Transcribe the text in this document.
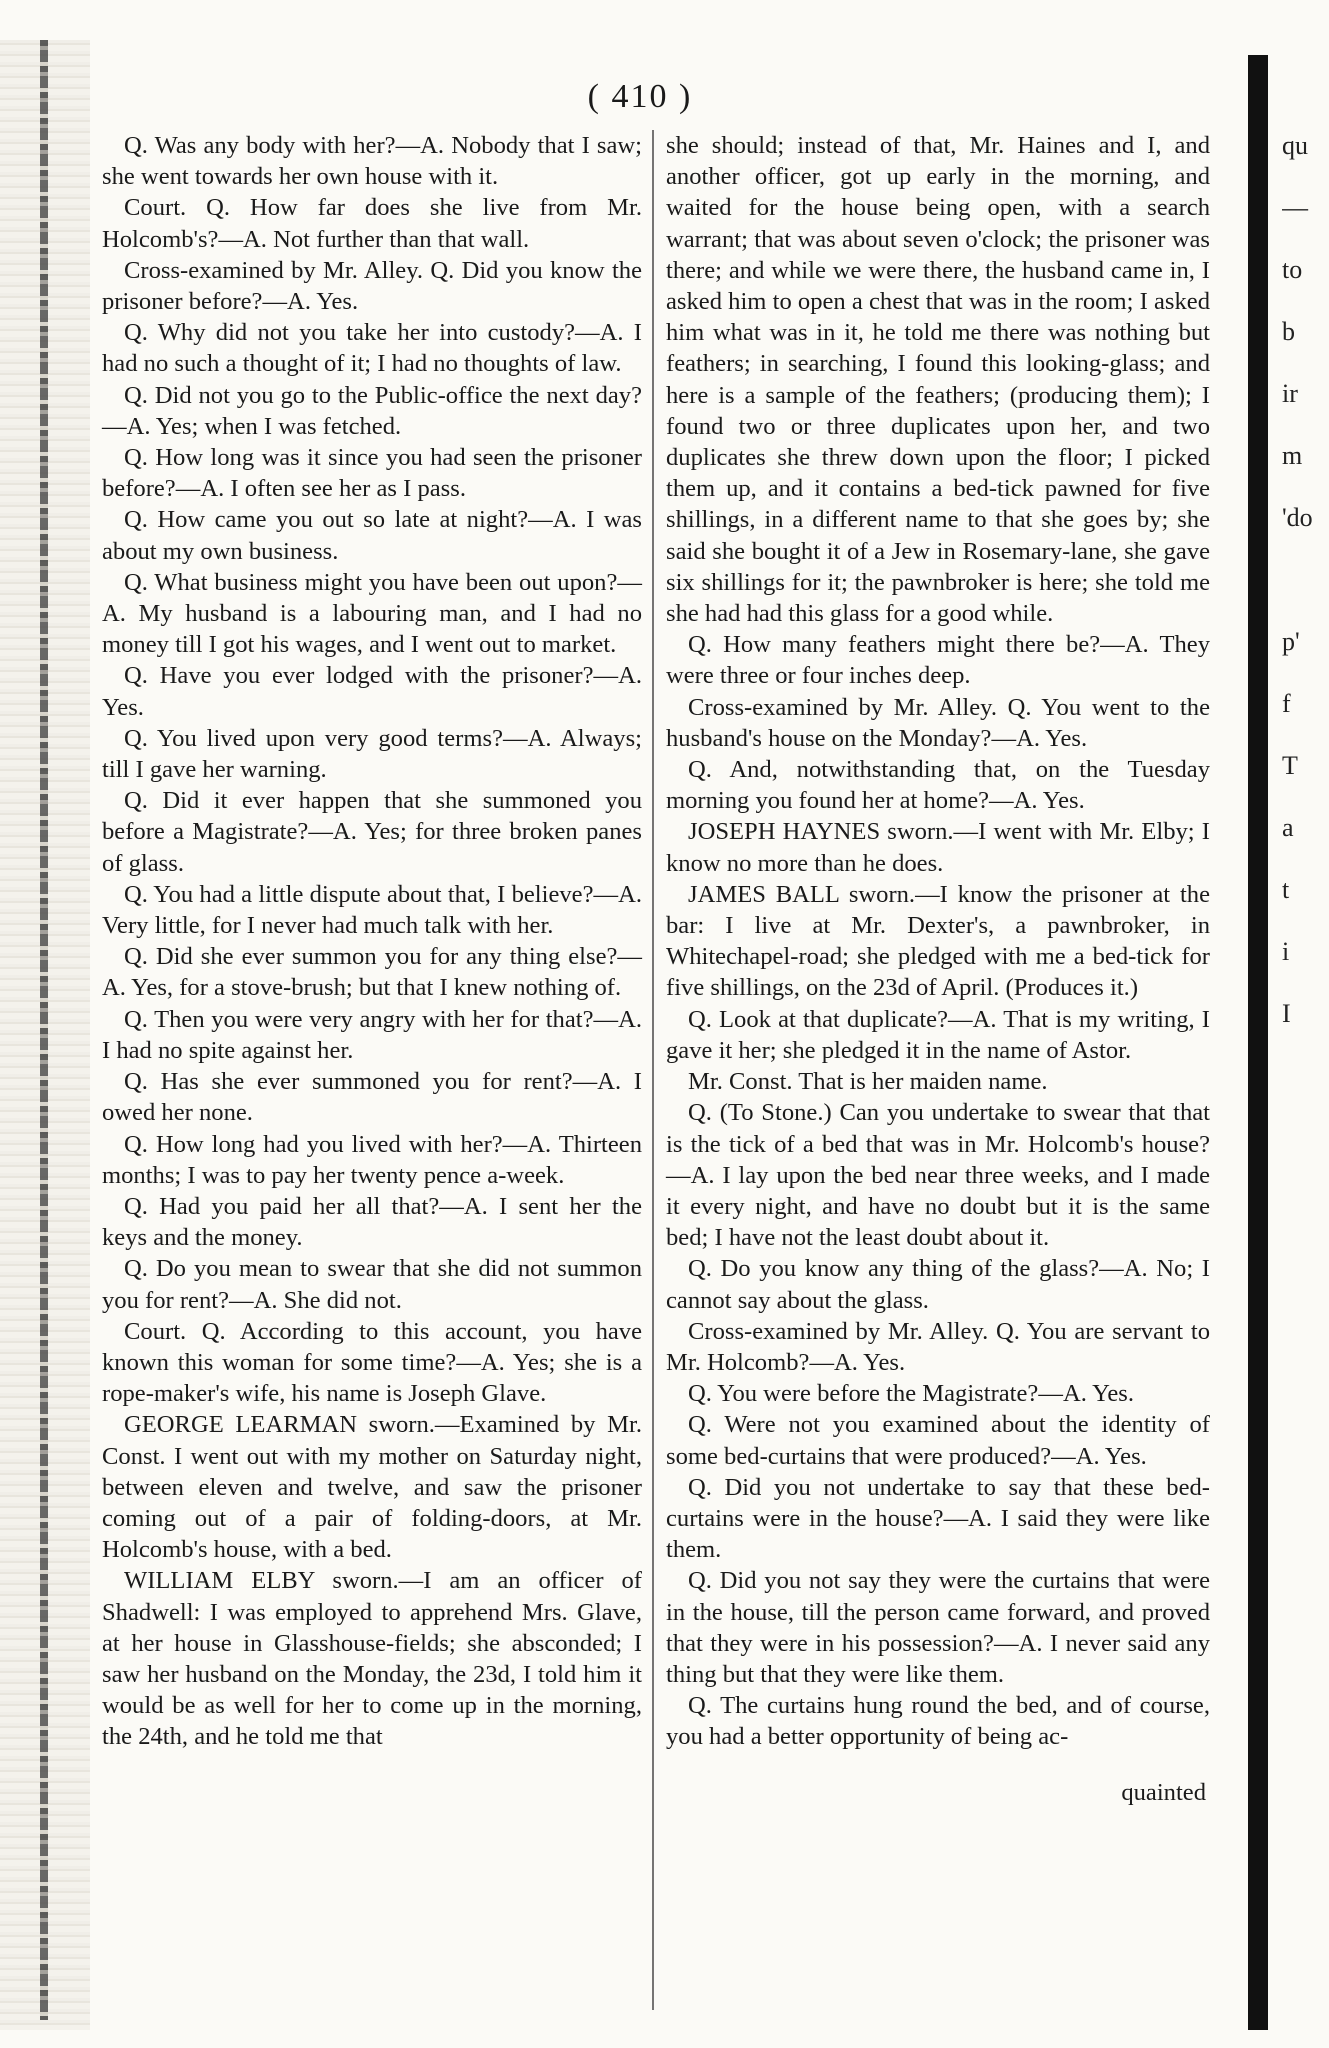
( 410 )

Q. Was any body with her?—A. Nobody that I saw; she went towards her own house with it.

Court. Q. How far does she live from Mr. Holcomb's?—A. Not further than that wall.

Cross-examined by Mr. Alley. Q. Did you know the prisoner before?—A. Yes.

Q. Why did not you take her into custody?—A. I had no such a thought of it; I had no thoughts of law.

Q. Did not you go to the Public-office the next day?—A. Yes; when I was fetched.

Q. How long was it since you had seen the prisoner before?—A. I often see her as I pass.

Q. How came you out so late at night?—A. I was about my own business.

Q. What business might you have been out upon?—A. My husband is a labouring man, and I had no money till I got his wages, and I went out to market.

Q. Have you ever lodged with the prisoner?—A. Yes.

Q. You lived upon very good terms?—A. Always; till I gave her warning.

Q. Did it ever happen that she summoned you before a Magistrate?—A. Yes; for three broken panes of glass.

Q. You had a little dispute about that, I believe?—A. Very little, for I never had much talk with her.

Q. Did she ever summon you for any thing else?—A. Yes, for a stove-brush; but that I knew nothing of.

Q. Then you were very angry with her for that?—A. I had no spite against her.

Q. Has she ever summoned you for rent?—A. I owed her none.

Q. How long had you lived with her?—A. Thirteen months; I was to pay her twenty pence a-week.

Q. Had you paid her all that?—A. I sent her the keys and the money.

Q. Do you mean to swear that she did not summon you for rent?—A. She did not.

Court. Q. According to this account, you have known this woman for some time?—A. Yes; she is a rope-maker's wife, his name is Joseph Glave.

GEORGE LEARMAN sworn.—Examined by Mr. Const. I went out with my mother on Saturday night, between eleven and twelve, and saw the prisoner coming out of a pair of folding-doors, at Mr. Holcomb's house, with a bed.

WILLIAM ELBY sworn.—I am an officer of Shadwell: I was employed to apprehend Mrs. Glave, at her house in Glasshouse-fields; she absconded; I saw her husband on the Monday, the 23d, I told him it would be as well for her to come up in the morning, the 24th, and he told me that

she should; instead of that, Mr. Haines and I, and another officer, got up early in the morning, and waited for the house being open, with a search warrant; that was about seven o'clock; the prisoner was there; and while we were there, the husband came in, I asked him to open a chest that was in the room; I asked him what was in it, he told me there was nothing but feathers; in searching, I found this looking-glass; and here is a sample of the feathers; (producing them); I found two or three duplicates upon her, and two duplicates she threw down upon the floor; I picked them up, and it contains a bed-tick pawned for five shillings, in a different name to that she goes by; she said she bought it of a Jew in Rosemary-lane, she gave six shillings for it; the pawnbroker is here; she told me she had had this glass for a good while.

Q. How many feathers might there be?—A. They were three or four inches deep.

Cross-examined by Mr. Alley. Q. You went to the husband's house on the Monday?—A. Yes.

Q. And, notwithstanding that, on the Tuesday morning you found her at home?—A. Yes.

JOSEPH HAYNES sworn.—I went with Mr. Elby; I know no more than he does.

JAMES BALL sworn.—I know the prisoner at the bar: I live at Mr. Dexter's, a pawnbroker, in Whitechapel-road; she pledged with me a bed-tick for five shillings, on the 23d of April. (Produces it.)

Q. Look at that duplicate?—A. That is my writing, I gave it her; she pledged it in the name of Astor.

Mr. Const. That is her maiden name.

Q. (To Stone.) Can you undertake to swear that that is the tick of a bed that was in Mr. Holcomb's house?—A. I lay upon the bed near three weeks, and I made it every night, and have no doubt but it is the same bed; I have not the least doubt about it.

Q. Do you know any thing of the glass?—A. No; I cannot say about the glass.

Cross-examined by Mr. Alley. Q. You are servant to Mr. Holcomb?—A. Yes.

Q. You were before the Magistrate?—A. Yes.

Q. Were not you examined about the identity of some bed-curtains that were produced?—A. Yes.

Q. Did you not undertake to say that these bed-curtains were in the house?—A. I said they were like them.

Q. Did you not say they were the curtains that were in the house, till the person came forward, and proved that they were in his possession?—A. I never said any thing but that they were like them.

Q. The curtains hung round the bed, and of course, you had a better opportunity of being ac-

quainted

qu
—
to
b
ir
m
'do
p'
f
T
a
t
i
I
